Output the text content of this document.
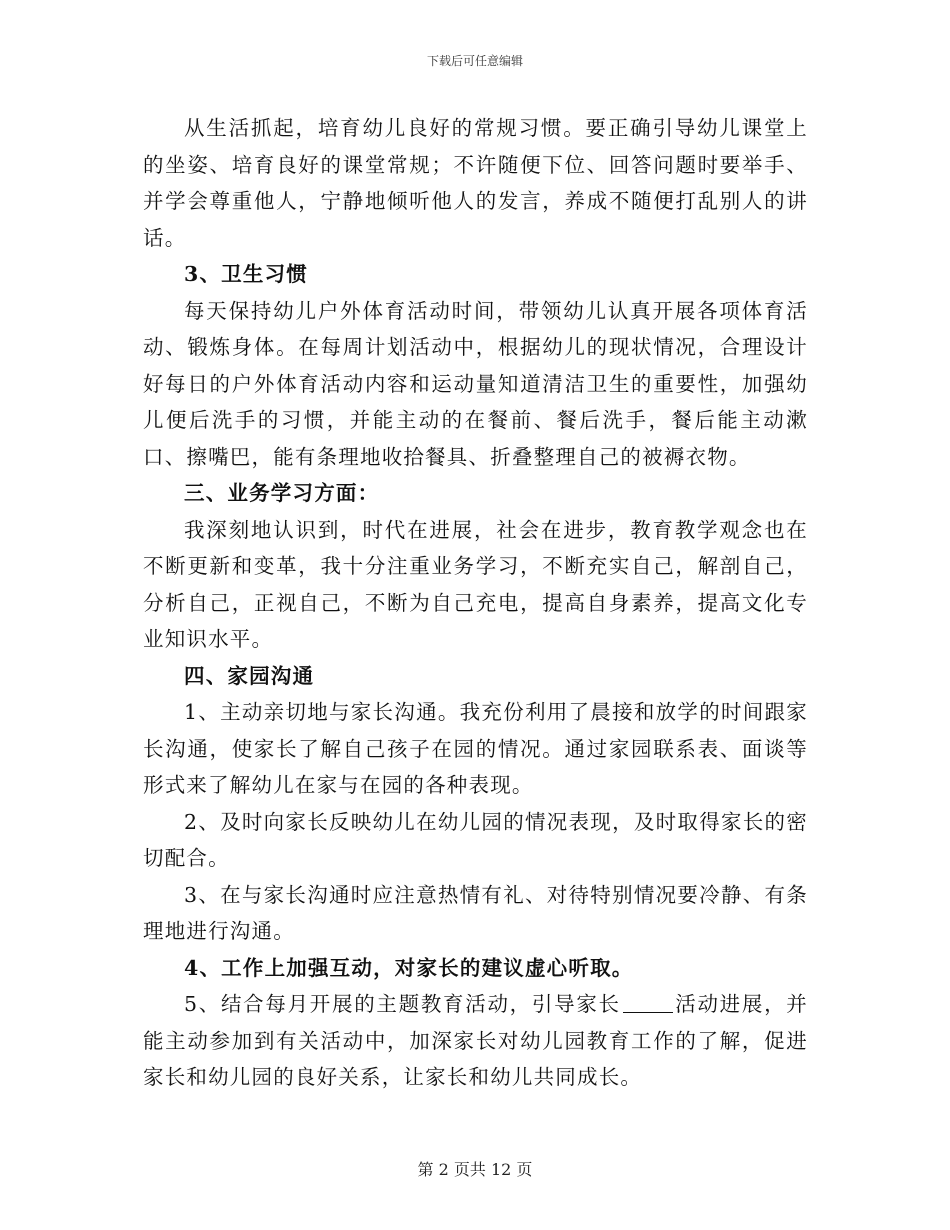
下载后可任意编辑

从生活抓起，培育幼儿良好的常规习惯。要正确引导幼儿课堂上的坐姿、培育良好的课堂常规；不许随便下位、回答问题时要举手、并学会尊重他人，宁静地倾听他人的发言，养成不随便打乱别人的讲话。

3、卫生习惯

每天保持幼儿户外体育活动时间，带领幼儿认真开展各项体育活动、锻炼身体。在每周计划活动中，根据幼儿的现状情况，合理设计好每日的户外体育活动内容和运动量知道清洁卫生的重要性，加强幼儿便后洗手的习惯，并能主动的在餐前、餐后洗手，餐后能主动漱口、擦嘴巴，能有条理地收拾餐具、折叠整理自己的被褥衣物。

三、业务学习方面：

我深刻地认识到，时代在进展，社会在进步，教育教学观念也在不断更新和变革，我十分注重业务学习，不断充实自己，解剖自己，分析自己，正视自己，不断为自己充电，提高自身素养，提高文化专业知识水平。

四、家园沟通

1、主动亲切地与家长沟通。我充份利用了晨接和放学的时间跟家长沟通，使家长了解自己孩子在园的情况。通过家园联系表、面谈等形式来了解幼儿在家与在园的各种表现。

2、及时向家长反映幼儿在幼儿园的情况表现，及时取得家长的密切配合。

3、在与家长沟通时应注意热情有礼、对待特别情况要冷静、有条理地进行沟通。

4、工作上加强互动，对家长的建议虚心听取。

5、结合每月开展的主题教育活动，引导家长	活动进展，并能主动参加到有关活动中，加深家长对幼儿园教育工作的了解，促进家长和幼儿园的良好关系，让家长和幼儿共同成长。

第 2 页共 12 页
